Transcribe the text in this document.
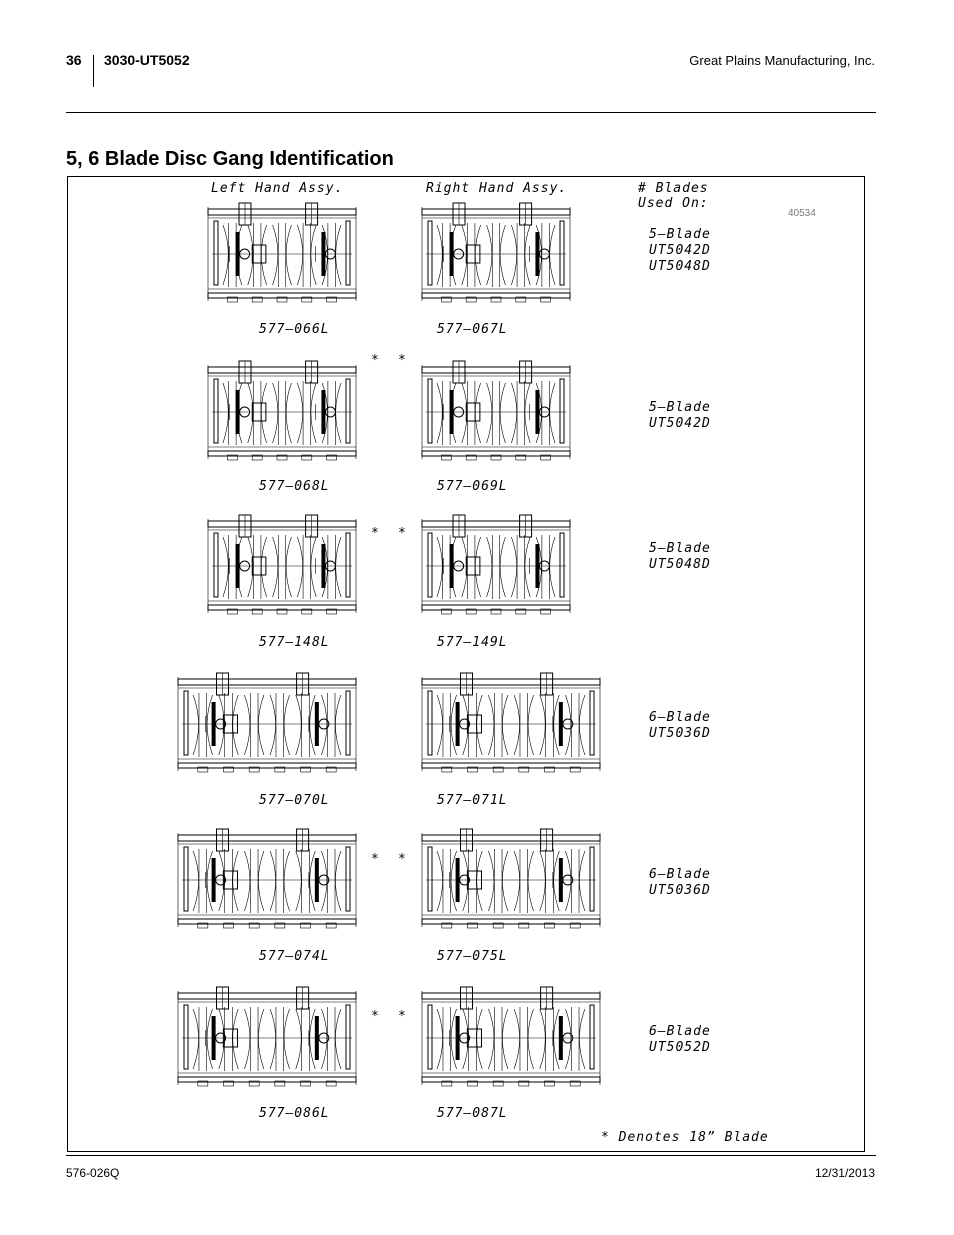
36 3030-UT5052	Great Plains Manufacturing, Inc.
5, 6 Blade Disc Gang Identification
Left Hand Assy.	Right Hand Assy.	# Blades
Used On:
40534
577–066L	577–067L
5–Blade
UT5042D
UT5048D
577–068L	577–069L
* *
5–Blade
UT5042D
577–148L	577–149L
* *
5–Blade
UT5048D
577–070L	577–071L
6–Blade
UT5036D
577–074L	577–075L
* *
6–Blade
UT5036D
577–086L	577–087L
* *
6–Blade
UT5052D
* Denotes 18” Blade
576-026Q	12/31/2013
